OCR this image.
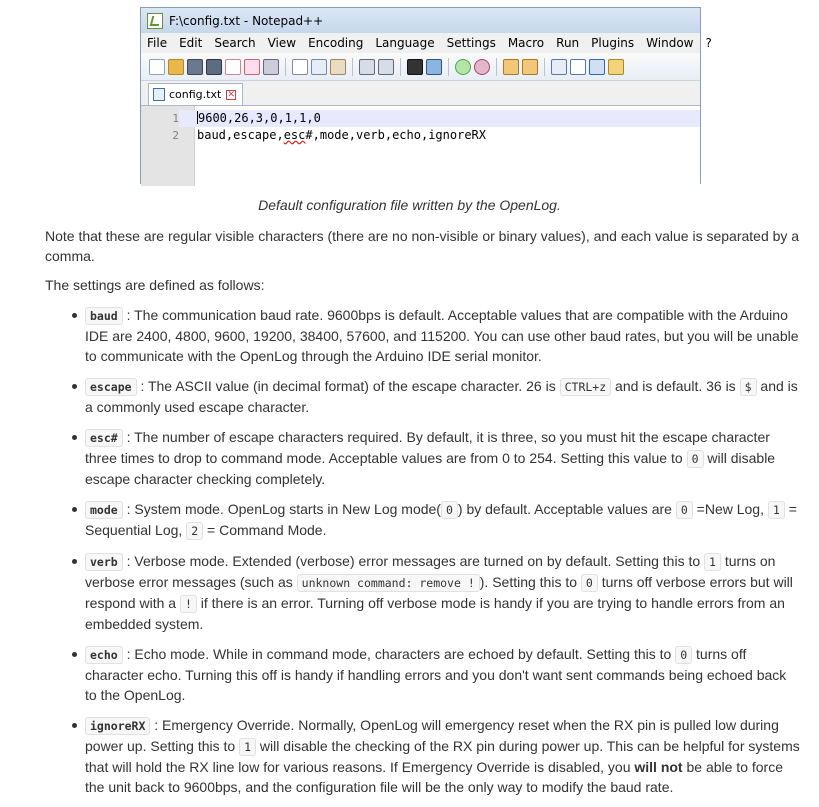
F:\config.txt - Notepad++
File Edit Search View Encoding Language Settings Macro Run Plugins Window ?
config.txt ✕
1 9600,26,3,0,1,1,0
2 baud,escape,esc#,mode,verb,echo,ignoreRX
Default configuration file written by the OpenLog.
Note that these are regular visible characters (there are no non-visible or binary values), and each value is separated by a comma.
The settings are defined as follows:
baud : The communication baud rate. 9600bps is default. Acceptable values that are compatible with the Arduino IDE are 2400, 4800, 9600, 19200, 38400, 57600, and 115200. You can use other baud rates, but you will be unable to communicate with the OpenLog through the Arduino IDE serial monitor.
escape : The ASCII value (in decimal format) of the escape character. 26 is CTRL+z and is default. 36 is $ and is a commonly used escape character.
esc# : The number of escape characters required. By default, it is three, so you must hit the escape character three times to drop to command mode. Acceptable values are from 0 to 254. Setting this value to 0 will disable escape character checking completely.
mode : System mode. OpenLog starts in New Log mode( 0 ) by default. Acceptable values are 0 =New Log, 1 = Sequential Log, 2 = Command Mode.
verb : Verbose mode. Extended (verbose) error messages are turned on by default. Setting this to 1 turns on verbose error messages (such as unknown command: remove ! ). Setting this to 0 turns off verbose errors but will respond with a ! if there is an error. Turning off verbose mode is handy if you are trying to handle errors from an embedded system.
echo : Echo mode. While in command mode, characters are echoed by default. Setting this to 0 turns off character echo. Turning this off is handy if handling errors and you don't want sent commands being echoed back to the OpenLog.
ignoreRX : Emergency Override. Normally, OpenLog will emergency reset when the RX pin is pulled low during power up. Setting this to 1 will disable the checking of the RX pin during power up. This can be helpful for systems that will hold the RX line low for various reasons. If Emergency Override is disabled, you will not be able to force the unit back to 9600bps, and the configuration file will be the only way to modify the baud rate.
